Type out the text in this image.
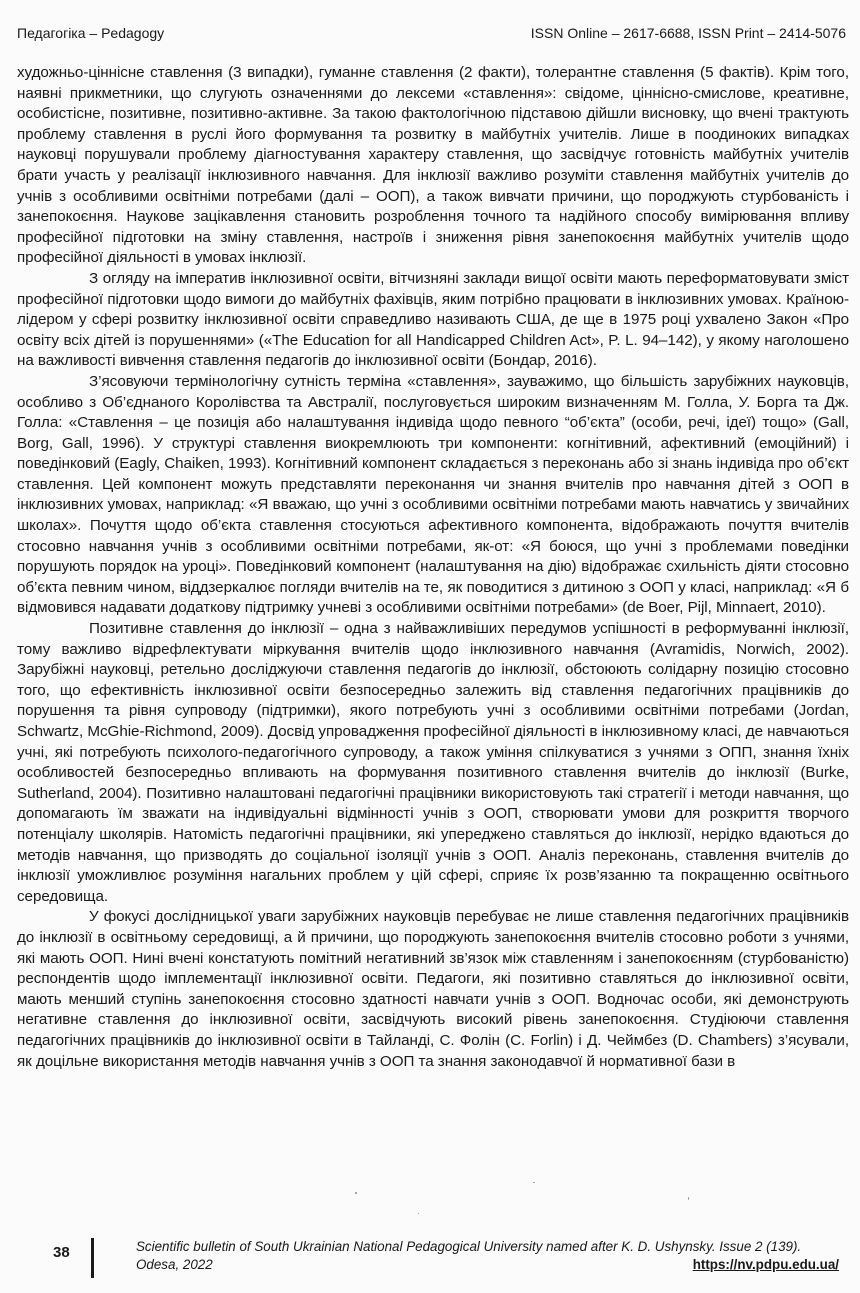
Педагогіка – Pedagogy	ISSN Online – 2617-6688, ISSN Print – 2414-5076

художньо-ціннісне ставлення (3 випадки), гуманне ставлення (2 факти), толерантне ставлення (5 фактів). Крім того, наявні прикметники, що слугують означеннями до лексеми «ставлення»: свідоме, ціннісно-смислове, креативне, особистісне, позитивне, позитивно-активне. За такою фактологічною підставою дійшли висновку, що вчені трактують проблему ставлення в руслі його формування та розвитку в майбутніх учителів. Лише в поодиноких випадках науковці порушували проблему діагностування характеру ставлення, що засвідчує готовність майбутніх учителів брати участь у реалізації інклюзивного навчання. Для інклюзії важливо розуміти ставлення майбутніх учителів до учнів з особливими освітніми потребами (далі – ООП), а також вивчати причини, що породжують стурбованість і занепокоєння. Наукове зацікавлення становить розроблення точного та надійного способу вимірювання впливу професійної підготовки на зміну ставлення, настроїв і зниження рівня занепокоєння майбутніх учителів щодо професійної діяльності в умовах інклюзії.

З огляду на імператив інклюзивної освіти, вітчизняні заклади вищої освіти мають переформатовувати зміст професійної підготовки щодо вимоги до майбутніх фахівців, яким потрібно працювати в інклюзивних умовах. Країною-лідером у сфері розвитку інклюзивної освіти справедливо називають США, де ще в 1975 році ухвалено Закон «Про освіту всіх дітей із порушеннями» («The Education for all Handicapped Children Act», P. L. 94–142), у якому наголошено на важливості вивчення ставлення педагогів до інклюзивної освіти (Бондар, 2016).

З’ясовуючи термінологічну сутність терміна «ставлення», зауважимо, що більшість зарубіжних науковців, особливо з Об’єднаного Королівства та Австралії, послуговується широким визначенням М. Голла, У. Борга та Дж. Голла: «Ставлення – це позиція або налаштування індивіда щодо певного “об’єкта” (особи, речі, ідеї) тощо» (Gall, Borg, Gall, 1996). У структурі ставлення виокремлюють три компоненти: когнітивний, афективний (емоційний) і поведінковий (Eagly, Chaiken, 1993). Когнітивний компонент складається з переконань або зі знань індивіда про об’єкт ставлення. Цей компонент можуть представляти переконання чи знання вчителів про навчання дітей з ООП в інклюзивних умовах, наприклад: «Я вважаю, що учні з особливими освітніми потребами мають навчатись у звичайних школах». Почуття щодо об’єкта ставлення стосуються афективного компонента, відображають почуття вчителів стосовно навчання учнів з особливими освітніми потребами, як-от: «Я боюся, що учні з проблемами поведінки порушують порядок на уроці». Поведінковий компонент (налаштування на дію) відображає схильність діяти стосовно об’єкта певним чином, віддзеркалює погляди вчителів на те, як поводитися з дитиною з ООП у класі, наприклад: «Я б відмовився надавати додаткову підтримку учневі з особливими освітніми потребами» (de Boer, Pijl, Minnaert, 2010).

Позитивне ставлення до інклюзії – одна з найважливіших передумов успішності в реформуванні інклюзії, тому важливо відрефлектувати міркування вчителів щодо інклюзивного навчання (Avramidis, Norwich, 2002). Зарубіжні науковці, ретельно досліджуючи ставлення педагогів до інклюзії, обстоюють солідарну позицію стосовно того, що ефективність інклюзивної освіти безпосередньо залежить від ставлення педагогічних працівників до порушення та рівня супроводу (підтримки), якого потребують учні з особливими освітніми потребами (Jordan, Schwartz, McGhie-Richmond, 2009). Досвід упровадження професійної діяльності в інклюзивному класі, де навчаються учні, які потребують психолого-педагогічного супроводу, а також уміння спілкуватися з учнями з ОПП, знання їхніх особливостей безпосередньо впливають на формування позитивного ставлення вчителів до інклюзії (Burke, Sutherland, 2004). Позитивно налаштовані педагогічні працівники використовують такі стратегії і методи навчання, що допомагають їм зважати на індивідуальні відмінності учнів з ООП, створювати умови для розкриття творчого потенціалу школярів. Натомість педагогічні працівники, які упереджено ставляться до інклюзії, нерідко вдаються до методів навчання, що призводять до соціальної ізоляції учнів з ООП. Аналіз переконань, ставлення вчителів до інклюзії уможливлює розуміння нагальних проблем у цій сфері, сприяє їх розв’язанню та покращенню освітнього середовища.

У фокусі дослідницької уваги зарубіжних науковців перебуває не лише ставлення педагогічних працівників до інклюзії в освітньому середовищі, а й причини, що породжують занепокоєння вчителів стосовно роботи з учнями, які мають ООП. Нині вчені констатують помітний негативний зв’язок між ставленням і занепокоєнням (стурбованістю) респондентів щодо імплементації інклюзивної освіти. Педагоги, які позитивно ставляться до інклюзивної освіти, мають менший ступінь занепокоєння стосовно здатності навчати учнів з ООП. Водночас особи, які демонструють негативне ставлення до інклюзивної освіти, засвідчують високий рівень занепокоєння. Студіюючи ставлення педагогічних працівників до інклюзивної освіти в Тайланді, С. Фолін (C. Forlin) і Д. Чеймбез (D. Chambers) з’ясували, як доцільне використання методів навчання учнів з ООП та знання законодавчої й нормативної бази в

38	Scientific bulletin of South Ukrainian National Pedagogical University named after K. D. Ushynsky. Issue 2 (139).
Odesa, 2022	https://nv.pdpu.edu.ua/
